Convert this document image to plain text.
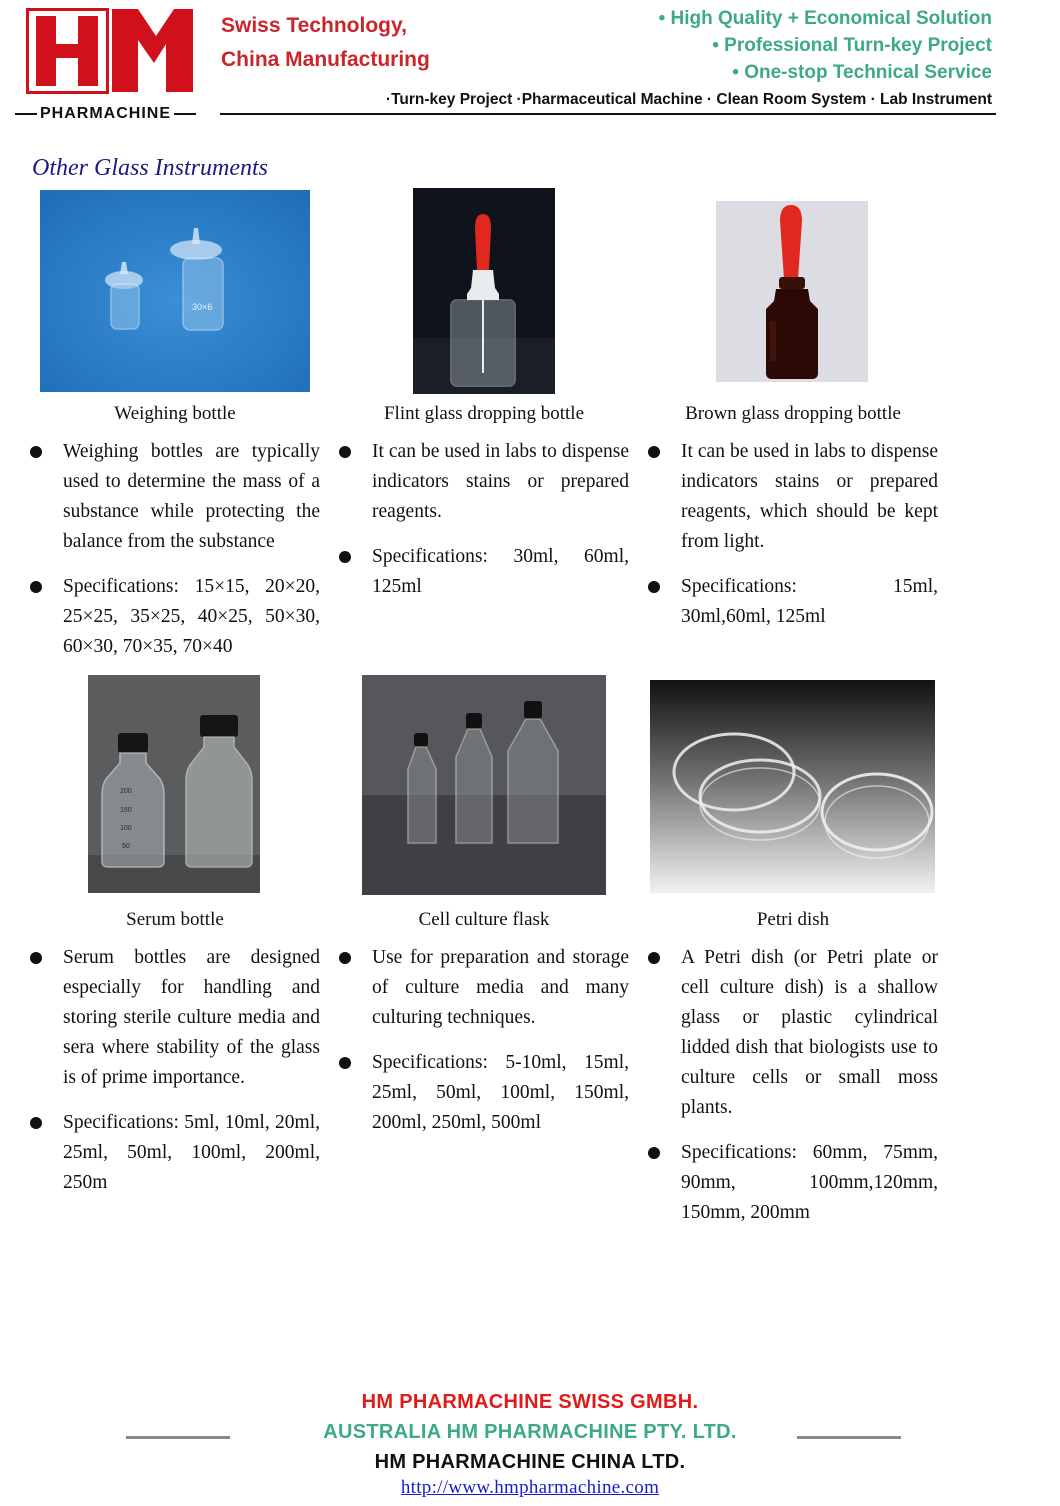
PHARMACHINE
Swiss Technology,
China Manufacturing
• High Quality + Economical Solution
• Professional Turn-key Project
• One-stop Technical Service
·Turn-key Project ·Pharmaceutical Machine · Clean Room System · Lab Instrument
Other Glass Instruments
30×6
Weighing bottle
Weighing bottles are typically used to determine the mass of a substance while protecting the balance from the substance
Specifications: 15×15, 20×20, 25×25, 35×25, 40×25, 50×30, 60×30, 70×35, 70×40
Flint glass dropping bottle
It can be used in labs to dispense indicators stains or prepared reagents.
Specifications: 30ml, 60ml, 125ml
Brown glass dropping bottle
It can be used in labs to dispense indicators stains or prepared reagents, which should be kept from light.
Specifications: 15ml, 30ml,60ml, 125ml
200
150
100
50
Serum bottle
Serum bottles are designed especially for handling and storing sterile culture media and sera where stability of the glass is of prime importance.
Specifications: 5ml, 10ml, 20ml, 25ml, 50ml, 100ml, 200ml, 250m
Cell culture flask
Use for preparation and storage of culture media and many culturing techniques.
Specifications: 5-10ml, 15ml, 25ml, 50ml, 100ml, 150ml, 200ml, 250ml, 500ml
Petri dish
A Petri dish (or Petri plate or cell culture dish) is a shallow glass or plastic cylindrical lidded dish that biologists use to culture cells or small moss plants.
Specifications: 60mm, 75mm, 90mm, 100mm,120mm, 150mm, 200mm
HM PHARMACHINE SWISS GMBH.
AUSTRALIA HM PHARMACHINE PTY. LTD.
HM PHARMACHINE CHINA LTD.
http://www.hmpharmachine.com
